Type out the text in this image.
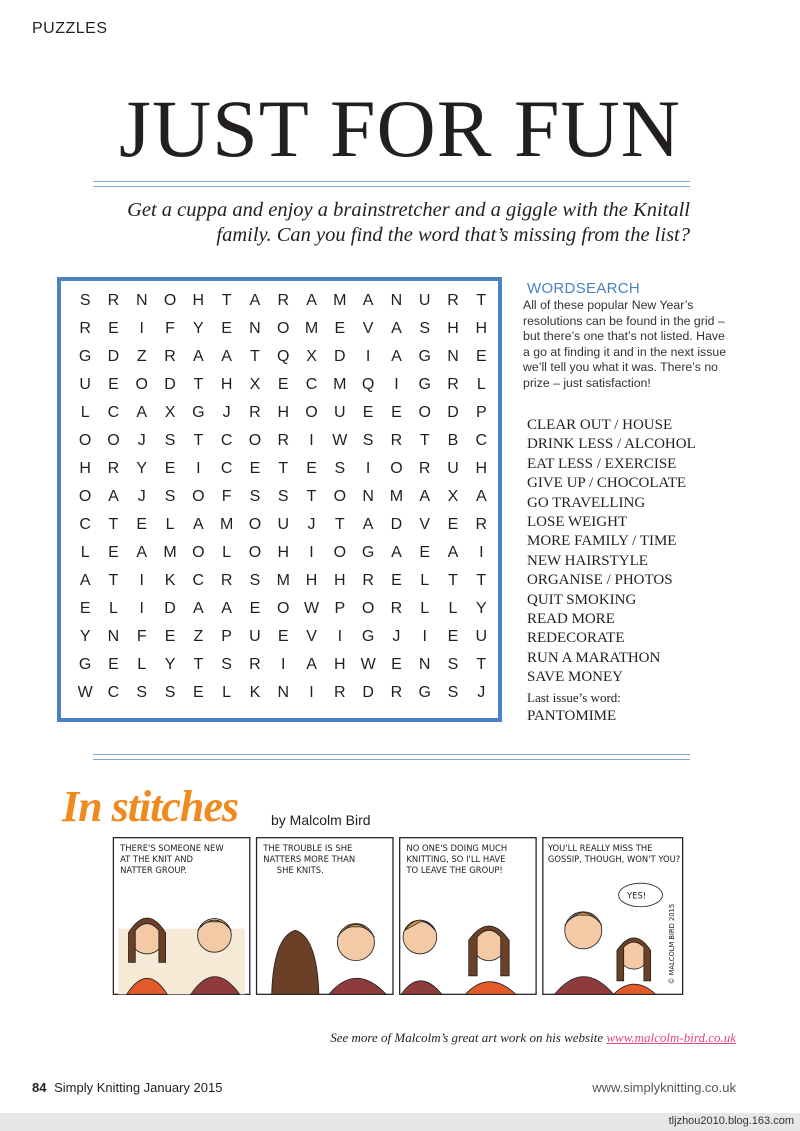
PUZZLES
JUST FOR FUN
Get a cuppa and enjoy a brainstretcher and a giggle with the Knitall family. Can you find the word that’s missing from the list?
S	R	N	O	H	T	A	R	A	M	A	N	U	R	T
R	E	I	F	Y	E	N	O M	E	V	A	S	H	H
G	D	Z	R	A	A	T	Q	X	D	I	A	G	N	E
U	E	O	D	T	H	X	E	C M Q	I	G	R	L
L	C	A	X	G	J	R	H	O	U	E	E	O	D	P
O O	J	S	T	C	O	R	I	W S	R	T	B	C
H	R	Y	E	I	C	E	T	E	S	I	O	R	U	H
O	A	J	S	O	F	S	S	T	O	N M	A	X	A
C	T	E	L	A	M O	U	J	T	A	D	V	E	R
L	E	A	M O	L	O	H	I	O G	A	E	A	I
A	T	I	K	C	R	S	M H	H	R	E	L	T	T
E	L	I	D	A	A	E	O W P	O	R	L	L	Y
Y	N	F	E	Z	P	U	E	V	I	G	J	I	E	U
G	E	L	Y	T	S	R	I	A	H W E	N	S	T
W C	S	S	E	L	K	N	I	R	D	R	G	S	J
WORDSEARCH
All of these popular New Year’s resolutions can be found in the grid – but there’s one that’s not listed. Have a go at finding it and in the next issue we’ll tell you what it was. There’s no prize – just satisfaction!
CLEAR OUT / HOUSE
DRINK LESS / ALCOHOL
EAT LESS / EXERCISE
GIVE UP / CHOCOLATE
GO TRAVELLING
LOSE WEIGHT
MORE FAMILY / TIME
NEW HAIRSTYLE
ORGANISE / PHOTOS
QUIT SMOKING
READ MORE
REDECORATE
RUN A MARATHON
SAVE MONEY
Last issue’s word:
PANTOMIME
In stitches by Malcolm Bird
THERE'S SOMEONE NEW
AT THE KNIT AND
NATTER GROUP.
THE TROUBLE IS SHE
NATTERS MORE THAN
SHE KNITS.
NO ONE'S DOING MUCH
KNITTING, SO I'LL HAVE
TO LEAVE THE GROUP!
YES!
YOU'LL REALLY MISS THE
GOSSIP, THOUGH, WON'T YOU?
© MALCOLM BIRD 2015
See more of Malcolm’s great art work on his website www.malcolm-bird.co.uk
84 Simply Knitting January 2015	www.simplyknitting.co.uk
tljzhou2010.blog.163.com
